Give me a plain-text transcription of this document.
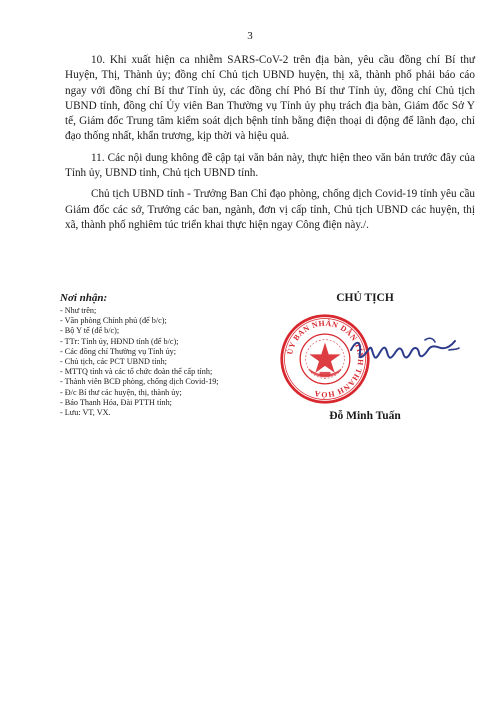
3

10. Khi xuất hiện ca nhiễm SARS-CoV-2 trên địa bàn, yêu cầu đồng chí Bí thư Huyện, Thị, Thành ủy; đồng chí Chủ tịch UBND huyện, thị xã, thành phố phải báo cáo ngay với đồng chí Bí thư Tỉnh ủy, các đồng chí Phó Bí thư Tỉnh ủy, đồng chí Chủ tịch UBND tỉnh, đồng chí Ủy viên Ban Thường vụ Tỉnh ủy phụ trách địa bàn, Giám đốc Sở Y tế, Giám đốc Trung tâm kiểm soát dịch bệnh tỉnh bằng điện thoại di động để lãnh đạo, chỉ đạo thống nhất, khẩn trương, kịp thời và hiệu quả.

11. Các nội dung không đề cập tại văn bản này, thực hiện theo văn bản trước đây của Tỉnh ủy, UBND tỉnh, Chủ tịch UBND tỉnh.

Chủ tịch UBND tỉnh - Trưởng Ban Chỉ đạo phòng, chống dịch Covid-19 tỉnh yêu cầu Giám đốc các sở, Trưởng các ban, ngành, đơn vị cấp tỉnh, Chủ tịch UBND các huyện, thị xã, thành phố nghiêm túc triển khai thực hiện ngay Công điện này./.

Nơi nhận:
- Như trên;
- Văn phòng Chính phủ (để b/c);
- Bộ Y tế (để b/c);
- TTr: Tỉnh ủy, HĐND tỉnh (để b/c);
- Các đồng chí Thường vụ Tỉnh ủy;
- Chủ tịch, các PCT UBND tỉnh;
- MTTQ tỉnh và các tổ chức đoàn thể cấp tỉnh;
- Thành viên BCĐ phòng, chống dịch Covid-19;
- Đ/c Bí thư các huyện, thị, thành ủy;
- Báo Thanh Hóa, Đài PTTH tỉnh;
- Lưu: VT, VX.
CHỦ TỊCH
ỦY BAN NHÂN DÂN TỈNH THANH HÓA
Đỗ Minh Tuấn
